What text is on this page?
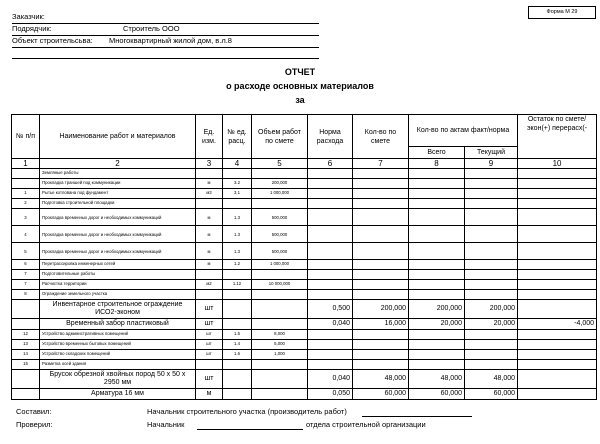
Форма М 29
Заказчик:
Подрядчик:	Строитель ООО
Объект строительсьва: Многоквартирный жилой дом, в.л.8
ОТЧЕТ
о расходе основных материалов
за
№ п/п	Наименование работ и материалов	Ед. изм.	№ ед. расц.	Объем работ по смете	Норма расхода	Кол-во по смете	Кол-во по актам факт/норма		Остаток по смете/ экон(+) перерасх(-
							Всего	Текущий	
1	2	3	4	5	6	7	8	9	10
	Земляные работы								
	Прокладка траншей под коммуникации	м	3.2	200,000					
1	Рытье котлована под фундамент	м3	3.1	1 000,000					
2	Подготовка строительной площадки								
3	Прокладка временных дорог и необходимых коммуникаций	м	1.3	500,000					
4	Прокладка временных дорог и необходимых коммуникаций	м	1.3	500,000					
5	Прокладка временных дорог и необходимых коммуникаций	м	1.3	500,000					
6	Перетрассировка инженерных сетей	м	1.2	1 000,000					
7	Подготовительные работы								
7	Расчистка территории	м2	1.12	10 000,000					
8	Ограждение земельного участка								
	Инвентарное строительное ограждение ИСО2-эконом	шт			0,500	200,000	200,000	200,000	
	Временный забор пластиковый	шт			0,040	16,000	20,000	20,000	-4,000
12	Устройство административных помещений	шт	1.5	8,000					
13	Устройство временных бытовых помещений	шт	1.4	5,000					
14	Устройство складских помещений	шт	1.6	1,000					
15	Разметка осей здания								
	Брусок обрезной хвойных пород 50 х 50 х 2950 мм	шт			0,040	48,000	48,000	48,000	
	Арматура 16 мм	м			0,050	60,000	60,000	60,000	
Составил:	Начальник строительного участка (производитель работ)
Проверил:	Начальник	отдела строительной организации
